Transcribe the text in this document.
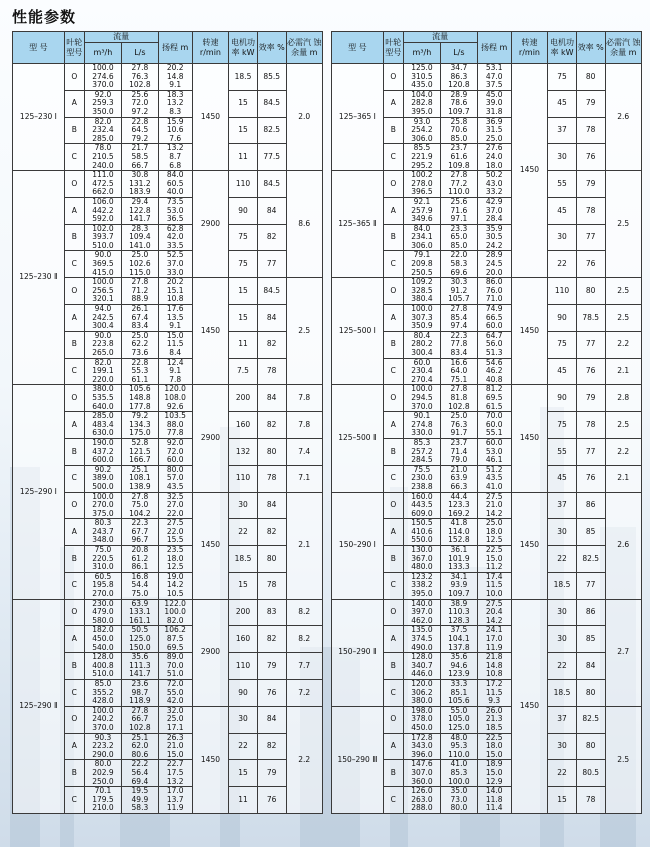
性能参数
型 号	叶轮 型号	流量		扬程 m	转速 r/min	电机功 率 kW	效率 %	必需汽 蚀余量 m
		m³/h	L/s					
125–230 Ⅰ	O	100.0
274.6
370.0	27.8
76.3
102.8	20.2
14.8
9.1	1450	18.5	85.5	2.0
	A	92.0
259.3
350.0	25.6
72.0
97.2	18.3
13.2
8.3		15	84.5	
	B	82.0
232.4
285.0	22.8
64.5
79.2	15.9
10.6
7.6		15	82.5	
	C	78.0
210.5
240.0	21.7
58.5
66.7	13.2
8.7
6.8		11	77.5	
125–230 Ⅱ	O	111.0
472.5
662.0	30.8
131.2
183.9	84.0
60.5
40.0	2900	110	84.5	8.6
	A	106.0
442.2
592.0	29.4
122.8
141.7	73.5
53.0
36.5		90	84	
	B	102.0
393.7
510.0	28.3
109.4
141.0	62.8
42.0
33.5		75	82	
	C	90.0
369.5
415.0	25.0
102.6
115.0	52.5
37.0
33.0		75	77	
	O	100.0
256.5
320.1	27.8
71.2
88.9	20.2
15.1
10.8	1450	15	84.5	2.5
	A	94.0
242.5
300.4	26.1
67.4
83.4	17.6
13.5
9.1		15	84	
	B	90.0
223.8
265.0	25.0
62.2
73.6	15.0
11.5
8.4		11	82	
	C	82.0
199.1
220.0	22.8
55.3
61.1	12.4
9.1
7.8		7.5	78	
125–290 Ⅰ	O	380.0
535.5
640.0	105.6
148.8
177.8	120.0
108.0
92.6	2900	200	84	7.8
	A	285.0
483.4
630.0	79.2
134.3
175.0	103.5
88.0
77.8		160	82	7.8
	B	190.0
437.2
600.0	52.8
121.5
166.7	92.0
72.0
60.0		132	80	7.4
	C	90.2
389.0
500.0	25.1
108.1
138.9	80.0
57.0
43.5		110	78	7.1
	O	100.0
270.0
375.0	27.8
75.0
104.2	32.5
27.0
22.0	1450	30	84	2.1
	A	80.3
243.7
348.0	22.3
67.7
96.7	27.5
22.0
15.5		22	82	
	B	75.0
220.5
310.0	20.8
61.2
86.1	23.5
18.0
12.5		18.5	80	
	C	60.5
195.8
270.0	16.8
54.4
75.0	19.0
14.2
10.5		15	78	
125–290 Ⅱ	O	230.0
479.0
580.0	63.9
133.1
161.1	122.0
100.0
82.0	2900	200	83	8.2
	A	182.0
450.0
540.0	50.5
125.0
150.0	106.2
87.5
69.5		160	82	8.2
	B	128.0
400.8
510.0	35.6
111.3
141.7	89.0
70.0
51.0		110	79	7.7
	C	85.0
355.2
428.0	23.6
98.7
118.9	72.0
55.0
42.0		90	76	7.2
	O	100.0
240.2
370.0	27.8
66.7
102.8	32.0
25.0
17.1	1450	30	84	2.2
	A	90.3
223.2
290.0	25.1
62.0
80.6	26.3
21.0
15.0		22	82	
	B	80.0
202.9
250.0	22.2
56.4
69.4	22.7
17.5
13.2		15	79	
	C	70.1
179.5
210.0	19.5
49.9
58.3	17.0
13.7
11.9		11	76	
型 号	叶轮 型号	流量		扬程 m	转速 r/min	电机功 率 kW	效率 %	必需汽 蚀余量 m
		m³/h	L/s					
125–365 Ⅰ	O	125.0
310.5
435.0	34.7
86.3
120.8	53.1
47.0
37.5	1450	75	80	2.6
	A	104.0
282.8
395.0	28.9
78.6
109.7	45.0
39.0
31.8		45	79	
	B	93.0
254.2
306.0	25.8
70.6
85.0	36.9
31.5
25.0		37	78	
	C	85.5
221.9
295.2	23.7
61.6
109.8	27.6
24.0
18.0		30	76	
125–365 Ⅱ	O	100.2
278.0
396.5	27.8
77.2
110.0	50.2
43.0
33.2		55	79	2.5
	A	92.1
257.9
349.6	25.6
71.6
97.1	42.9
37.0
28.4		45	78	
	B	84.0
234.1
306.0	23.3
65.0
85.0	35.9
30.5
24.2		30	77	
	C	79.1
209.8
250.5	22.0
58.3
69.6	28.9
24.5
20.0		22	76	
125–500 Ⅰ	O	109.2
328.5
380.4	30.3
91.2
105.7	86.0
76.0
71.0	1450	110	80	2.5
	A	100.0
307.3
350.9	27.8
85.4
97.4	74.9
66.5
60.0		90	78.5	2.5
	B	80.4
280.2
300.4	22.3
77.8
83.4	64.7
56.0
51.3		75	77	2.2
	C	60.0
230.4
270.4	16.6
64.0
75.1	54.6
46.2
40.8		45	76	2.1
125–500 Ⅱ	O	100.0
294.5
370.0	27.8
81.8
102.8	81.2
69.5
61.5	1450	90	79	2.8
	A	90.1
274.8
330.0	25.0
76.3
91.7	70.0
60.0
55.1		75	78	2.5
	B	85.3
257.2
284.5	23.7
71.4
79.0	60.0
53.0
46.1		55	77	2.2
	C	75.5
230.0
238.8	21.0
63.9
66.3	51.2
43.5
41.0		45	76	2.1
150–290 Ⅰ	O	160.0
443.5
609.0	44.4
123.3
169.2	27.5
21.0
14.2	1450	37	86	2.6
	A	150.5
410.6
550.0	41.8
114.0
152.8	25.0
18.0
12.5		30	85	
	B	130.0
367.0
480.0	36.1
101.9
133.3	22.5
15.0
11.2		22	82.5	
	C	123.2
338.2
395.0	34.1
93.9
109.7	17.4
11.5
10.0		18.5	77	
150–290 Ⅱ	O	140.0
397.0
462.0	38.9
110.3
128.3	27.5
20.4
14.2	1450	30	86	2.7
	A	135.0
374.5
490.0	37.5
104.1
137.8	24.1
17.0
11.9		30	85	
	B	128.0
340.7
446.0	35.6
94.6
123.9	21.8
14.8
10.8		22	84	
	C	120.0
306.2
380.0	33.3
85.1
105.6	17.2
11.5
9.3		18.5	80	
150–290 Ⅲ	O	198.0
378.0
450.0	55.0
105.0
125.0	26.0
21.3
18.5		37	82.5	2.5
	A	172.8
343.0
396.0	48.0
95.3
110.0	22.5
18.0
15.0		30	80	
	B	147.6
307.0
360.0	41.0
85.3
100.0	18.9
15.0
12.9		22	80.5	
	C	126.0
263.0
288.0	35.0
73.0
80.0	14.0
11.8
11.4		15	78	
